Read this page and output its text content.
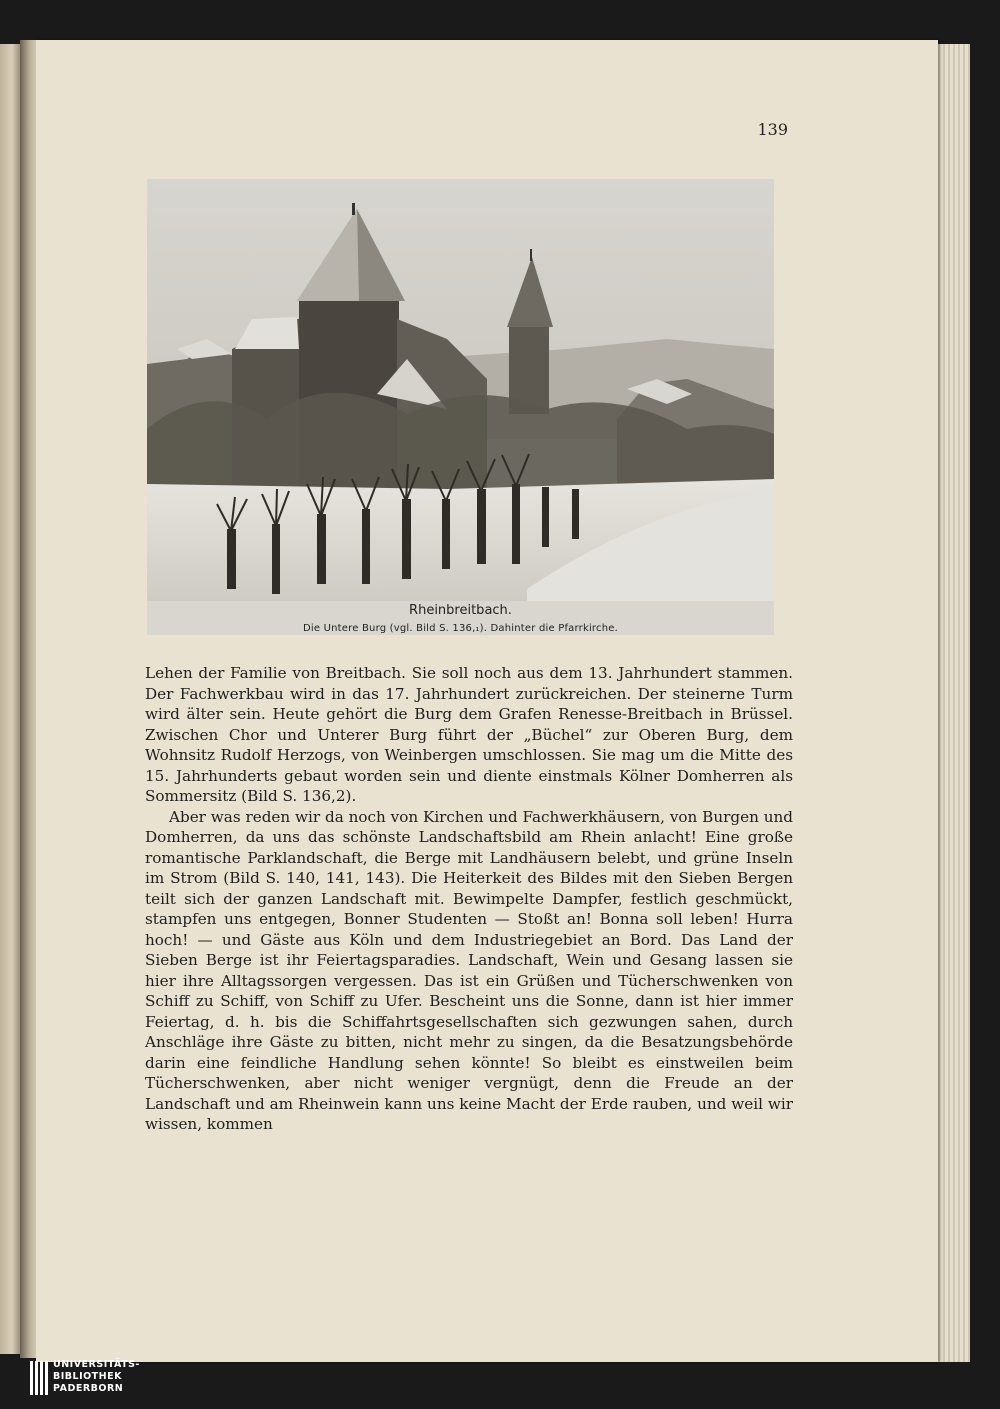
139
Rheinbreitbach.
Die Untere Burg (vgl. Bild S. 136,₁). Dahinter die Pfarrkirche.

Lehen der Familie von Breitbach. Sie soll noch aus dem 13. Jahrhundert stammen. Der Fachwerkbau wird in das 17. Jahrhundert zurückreichen. Der steinerne Turm wird älter sein. Heute gehört die Burg dem Grafen Renesse-Breitbach in Brüssel. Zwischen Chor und Unterer Burg führt der „Büchel“ zur Oberen Burg, dem Wohnsitz Rudolf Herzogs, von Weinbergen umschlossen. Sie mag um die Mitte des 15. Jahrhunderts gebaut worden sein und diente einstmals Kölner Domherren als Sommersitz (Bild S. 136,2).

Aber was reden wir da noch von Kirchen und Fachwerkhäusern, von Burgen und Domherren, da uns das schönste Landschaftsbild am Rhein anlacht! Eine große romantische Parklandschaft, die Berge mit Landhäusern belebt, und grüne Inseln im Strom (Bild S. 140, 141, 143). Die Heiterkeit des Bildes mit den Sieben Bergen teilt sich der ganzen Landschaft mit. Bewimpelte Dampfer, festlich geschmückt, stampfen uns entgegen, Bonner Studenten — Stoßt an! Bonna soll leben! Hurra hoch! — und Gäste aus Köln und dem Industriegebiet an Bord. Das Land der Sieben Berge ist ihr Feiertagsparadies. Landschaft, Wein und Gesang lassen sie hier ihre Alltagssorgen vergessen. Das ist ein Grüßen und Tücherschwenken von Schiff zu Schiff, von Schiff zu Ufer. Bescheint uns die Sonne, dann ist hier immer Feiertag, d. h. bis die Schiffahrtsgesellschaften sich gezwungen sahen, durch Anschläge ihre Gäste zu bitten, nicht mehr zu singen, da die Besatzungsbehörde darin eine feindliche Handlung sehen könnte! So bleibt es einstweilen beim Tücherschwenken, aber nicht weniger vergnügt, denn die Freude an der Landschaft und am Rheinwein kann uns keine Macht der Erde rauben, und weil wir wissen, kommen

UNIVERSITÄTS-
BIBLIOTHEK
PADERBORN
